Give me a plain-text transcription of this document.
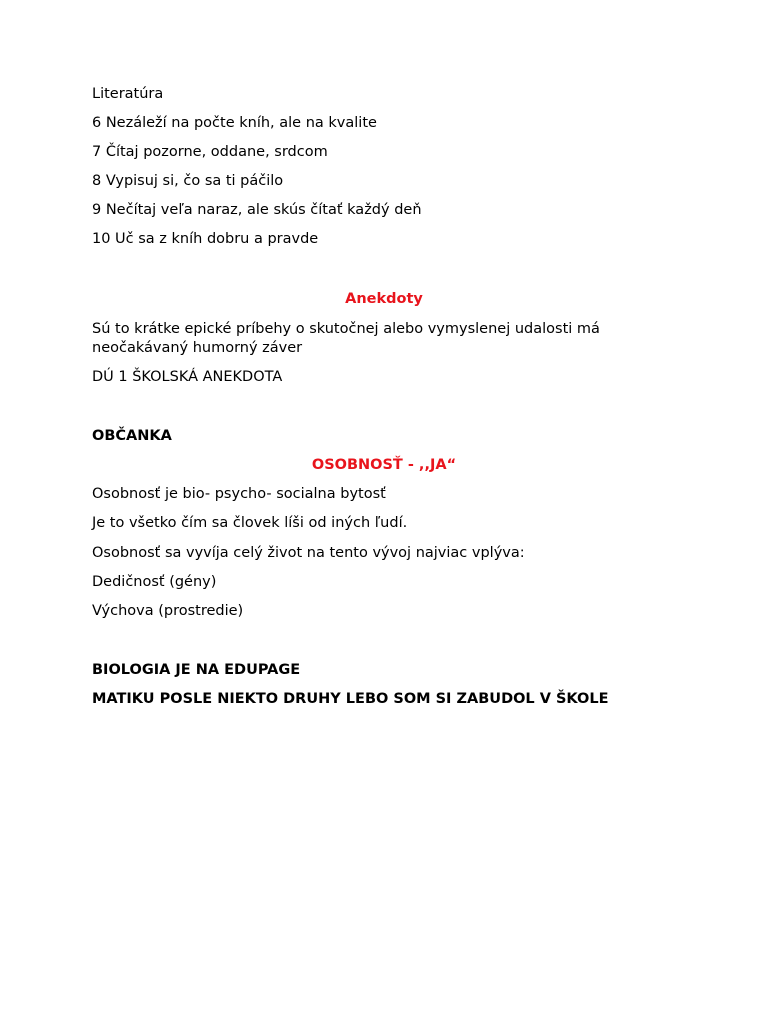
Literatúra
6 Nezáleží na počte kníh, ale na kvalite
7 Čítaj pozorne, oddane, srdcom
8 Vypisuj si, čo sa ti páčilo
9 Nečítaj veľa naraz, ale skús čítať každý deň
10 Uč sa z kníh dobru a pravde
Anekdoty
Sú to krátke epické príbehy o skutočnej alebo vymyslenej udalosti má neočakávaný humorný záver
DÚ 1 ŠKOLSKÁ ANEKDOTA
OBČANKA
OSOBNOSŤ - ,,JA“
Osobnosť je bio- psycho- socialna bytosť
Je to všetko čím sa človek líši od iných ľudí.
Osobnosť sa vyvíja celý život na tento vývoj najviac vplýva:
Dedičnosť (gény)
Výchova (prostredie)
BIOLOGIA JE NA EDUPAGE
MATIKU POSLE NIEKTO DRUHY LEBO SOM SI ZABUDOL V ŠKOLE
